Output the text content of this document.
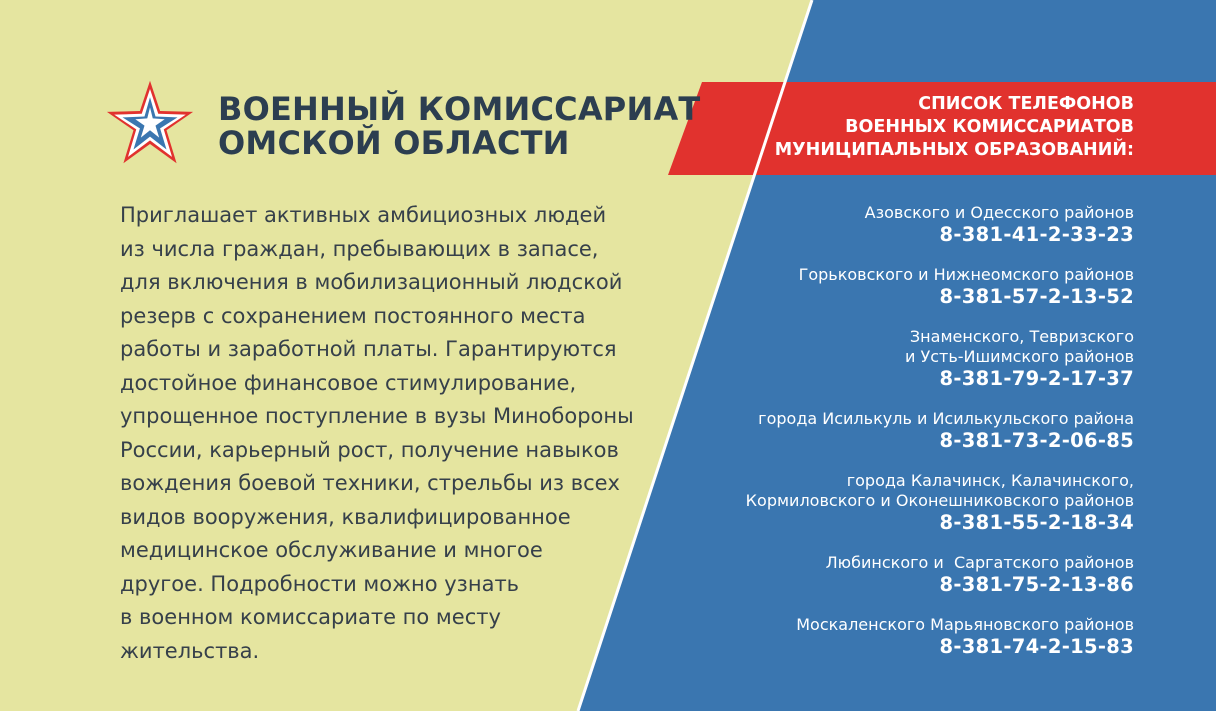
ВОЕННЫЙ КОМИССАРИАТ
ОМСКОЙ ОБЛАСТИ
Приглашает активных амбициозных людей
из числа граждан, пребывающих в запасе,
для включения в мобилизационный людской
резерв с сохранением постоянного места
работы и заработной платы. Гарантируются
достойное финансовое стимулирование,
упрощенное поступление в вузы Минобороны
России, карьерный рост, получение навыков
вождения боевой техники, стрельбы из всех
видов вооружения, квалифицированное
медицинское обслуживание и многое
другое. Подробности можно узнать
в военном комиссариате по месту
жительства.
СПИСОК ТЕЛЕФОНОВ
ВОЕННЫХ КОМИССАРИАТОВ
МУНИЦИПАЛЬНЫХ ОБРАЗОВАНИЙ:
Азовского и Одесского районов
8-381-41-2-33-23
Горьковского и Нижнеомского районов
8-381-57-2-13-52
Знаменского, Тевризского
и Усть-Ишимского районов
8-381-79-2-17-37
города Исилькуль и Исилькульского района
8-381-73-2-06-85
города Калачинск, Калачинского,
Кормиловского и Оконешниковского районов
8-381-55-2-18-34
Любинского и  Саргатского районов
8-381-75-2-13-86
Москаленского Марьяновского районов
8-381-74-2-15-83
